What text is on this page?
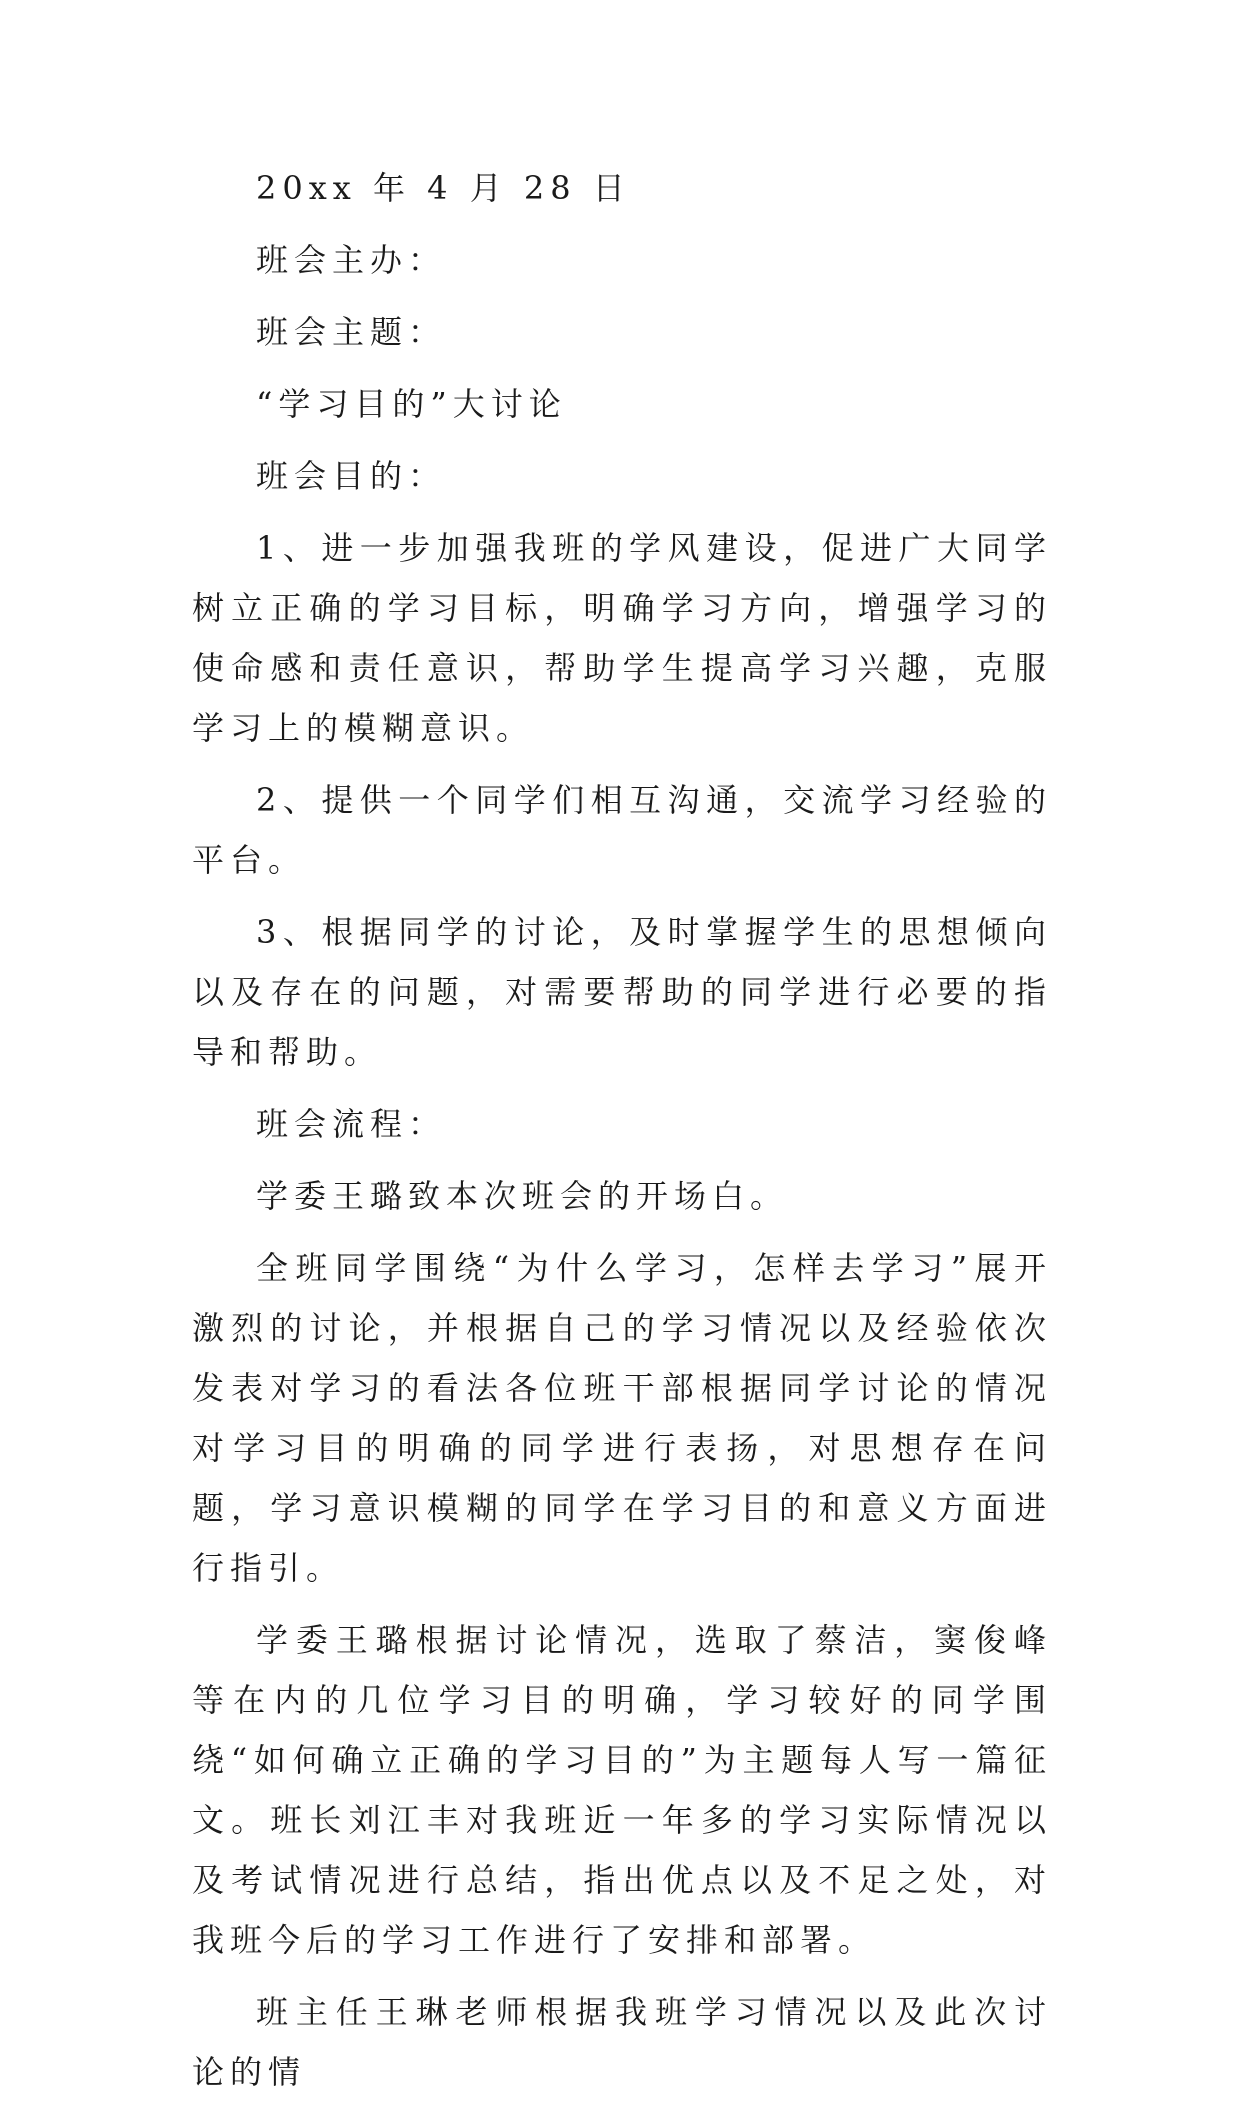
20xx 年 4 月 28 日

班会主办：

班会主题：

“学习目的”大讨论

班会目的：

1、进一步加强我班的学风建设，促进广大同学树立正确的学习目标，明确学习方向，增强学习的使命感和责任意识，帮助学生提高学习兴趣，克服学习上的模糊意识。

2、提供一个同学们相互沟通，交流学习经验的平台。

3、根据同学的讨论，及时掌握学生的思想倾向以及存在的问题，对需要帮助的同学进行必要的指导和帮助。

班会流程：

学委王璐致本次班会的开场白。

全班同学围绕“为什么学习，怎样去学习”展开激烈的讨论，并根据自己的学习情况以及经验依次发表对学习的看法各位班干部根据同学讨论的情况对学习目的明确的同学进行表扬，对思想存在问题，学习意识模糊的同学在学习目的和意义方面进行指引。

学委王璐根据讨论情况，选取了蔡洁，窦俊峰等在内的几位学习目的明确，学习较好的同学围绕“如何确立正确的学习目的”为主题每人写一篇征文。班长刘江丰对我班近一年多的学习实际情况以及考试情况进行总结，指出优点以及不足之处，对我班今后的学习工作进行了安排和部署。

班主任王琳老师根据我班学习情况以及此次讨论的情
